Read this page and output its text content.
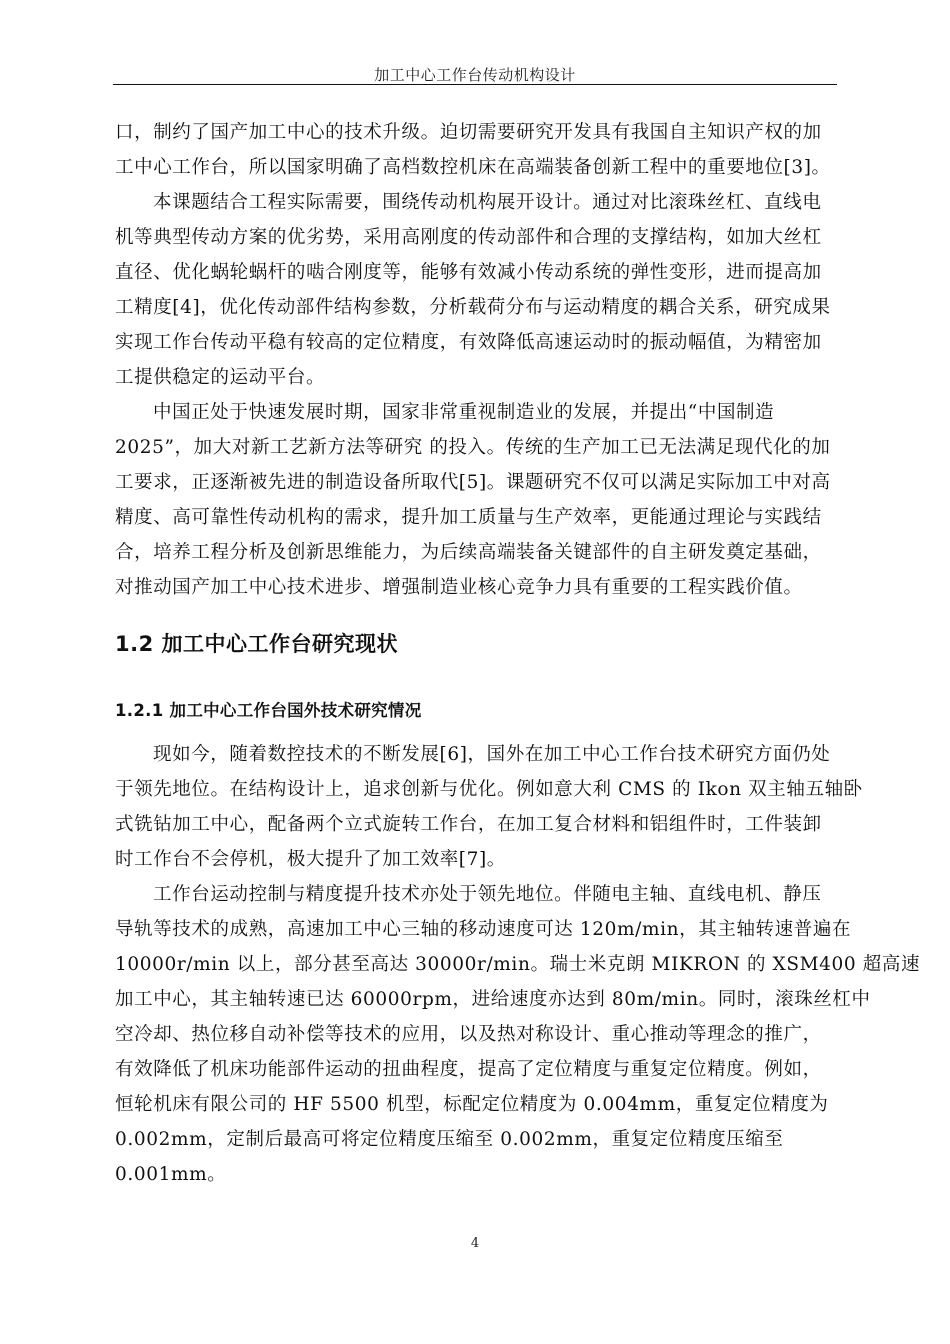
加工中心工作台传动机构设计
口，制约了国产加工中心的技术升级。迫切需要研究开发具有我国自主知识产权的加
工中心工作台，所以国家明确了高档数控机床在高端装备创新工程中的重要地位[3]。
本课题结合工程实际需要，围绕传动机构展开设计。通过对比滚珠丝杠、直线电
机等典型传动方案的优劣势，采用高刚度的传动部件和合理的支撑结构，如加大丝杠
直径、优化蜗轮蜗杆的啮合刚度等，能够有效减小传动系统的弹性变形，进而提高加
工精度[4]，优化传动部件结构参数，分析载荷分布与运动精度的耦合关系，研究成果
实现工作台传动平稳有较高的定位精度，有效降低高速运动时的振动幅值，为精密加
工提供稳定的运动平台。
中国正处于快速发展时期，国家非常重视制造业的发展，并提出“中国制造
2025”，加大对新工艺新方法等研究 的投入。传统的生产加工已无法满足现代化的加
工要求，正逐渐被先进的制造设备所取代[5]。课题研究不仅可以满足实际加工中对高
精度、高可靠性传动机构的需求，提升加工质量与生产效率，更能通过理论与实践结
合，培养工程分析及创新思维能力，为后续高端装备关键部件的自主研发奠定基础，
对推动国产加工中心技术进步、增强制造业核心竞争力具有重要的工程实践价值。
1.2 加工中心工作台研究现状
1.2.1 加工中心工作台国外技术研究情况
现如今，随着数控技术的不断发展[6]，国外在加工中心工作台技术研究方面仍处
于领先地位。在结构设计上，追求创新与优化。例如意大利 CMS 的 Ikon 双主轴五轴卧
式铣钻加工中心，配备两个立式旋转工作台，在加工复合材料和铝组件时，工件装卸
时工作台不会停机，极大提升了加工效率[7]。
工作台运动控制与精度提升技术亦处于领先地位。伴随电主轴、直线电机、静压
导轨等技术的成熟，高速加工中心三轴的移动速度可达 120m/min，其主轴转速普遍在
10000r/min 以上，部分甚至高达 30000r/min。瑞士米克朗 MIKRON 的 XSM400 超高速
加工中心，其主轴转速已达 60000rpm，进给速度亦达到 80m/min。同时，滚珠丝杠中
空冷却、热位移自动补偿等技术的应用，以及热对称设计、重心推动等理念的推广，
有效降低了机床功能部件运动的扭曲程度，提高了定位精度与重复定位精度。例如，
恒轮机床有限公司的 HF 5500 机型，标配定位精度为 0.004mm，重复定位精度为
0.002mm，定制后最高可将定位精度压缩至 0.002mm，重复定位精度压缩至
0.001mm。
4
